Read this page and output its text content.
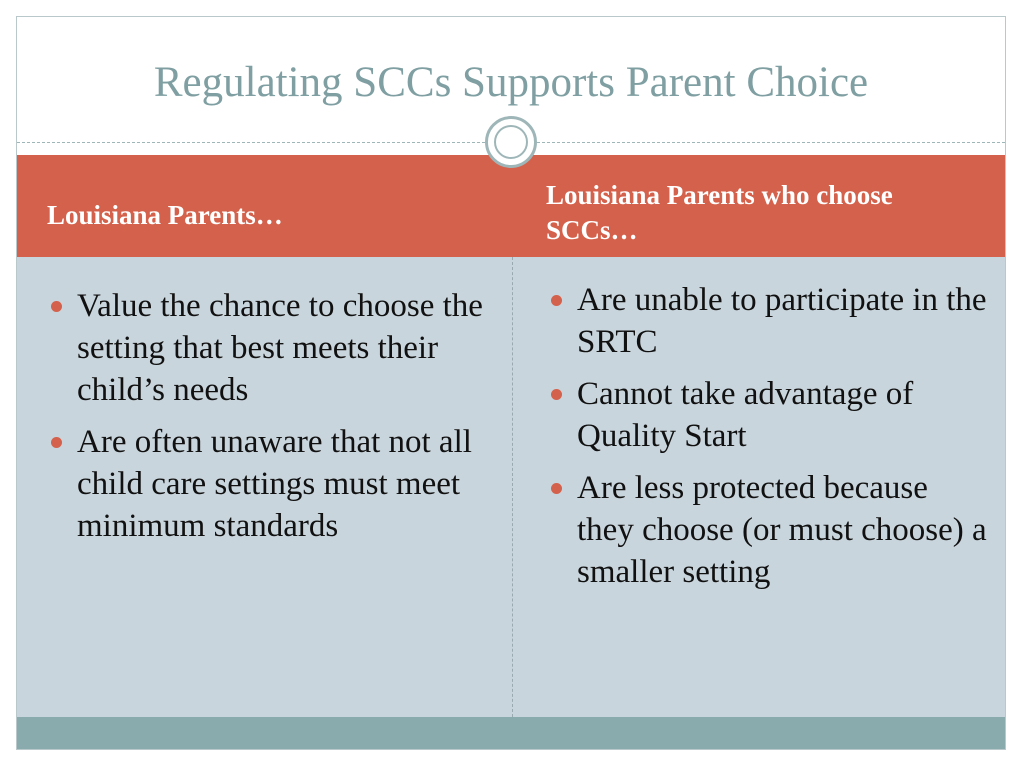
Regulating SCCs Supports Parent Choice
Louisiana Parents…
Louisiana Parents who choose SCCs…
Value the chance to choose the setting that best meets their child’s needs
Are often unaware that not all child care settings must meet minimum standards
Are unable to participate in the SRTC
Cannot take advantage of Quality Start
Are less protected because they choose (or must choose) a smaller setting
